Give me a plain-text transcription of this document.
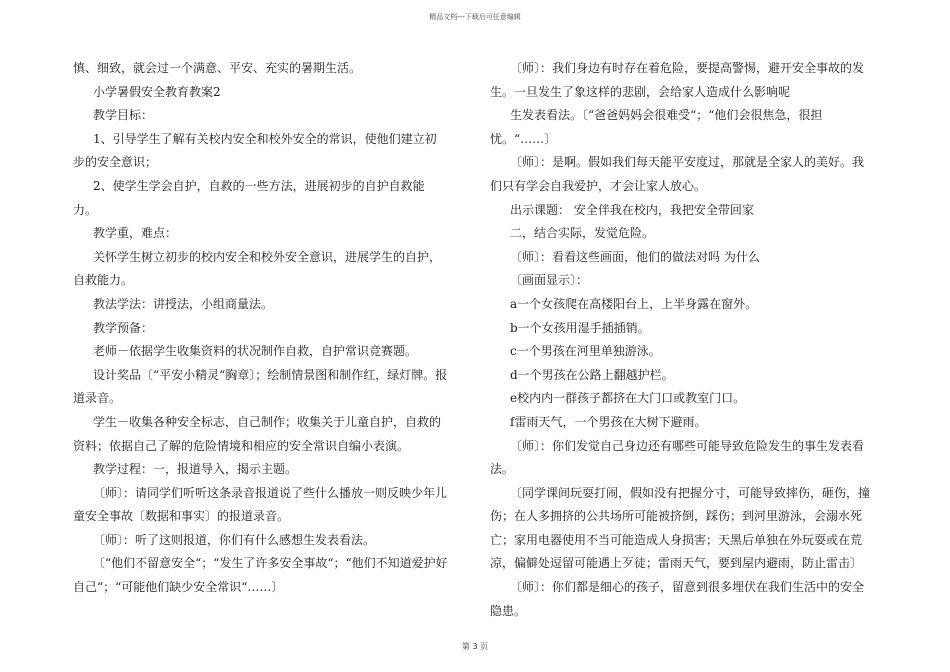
精品文档---下载后可任意编辑

慎、细致，就会过一个满意、平安、充实的暑期生活。

小学暑假安全教育教案2

教学目标：

1、引导学生了解有关校内安全和校外安全的常识，使他们建立初步的安全意识；

2、使学生学会自护，自救的一些方法，进展初步的自护自救能力。

教学重，难点：

关怀学生树立初步的校内安全和校外安全意识，进展学生的自护，自救能力。

教法学法：讲授法，小组商量法。

教学预备：

老师－依据学生收集资料的状况制作自救，自护常识竞赛题。

设计奖品〔“平安小精灵“胸章〕；绘制情景图和制作红，绿灯牌。报道录音。

学生－收集各种安全标志，自己制作；收集关于儿童自护，自救的资料；依据自己了解的危险情境和相应的安全常识自编小表演。

教学过程：一，报道导入，揭示主题。

〔师〕：请同学们听听这条录音报道说了些什么播放一则反映少年儿童安全事故〔数据和事实〕的报道录音。

〔师〕：听了这则报道，你们有什么感想生发表看法。

〔“他们不留意安全“；“发生了许多安全事故“；“他们不知道爱护好自己“；“可能他们缺少安全常识“……〕

〔师〕：我们身边有时存在着危险，要提高警惕，避开安全事故的发生。一旦发生了象这样的悲剧，会给家人造成什么影响呢

生发表看法。〔“爸爸妈妈会很难受“；“他们会很焦急，很担忧。“……〕

〔师〕：是啊。假如我们每天能平安度过，那就是全家人的美好。我们只有学会自我爱护，才会让家人放心。

出示课题： 安全伴我在校内，我把安全带回家

二，结合实际，发觉危险。

〔师〕：看看这些画面，他们的做法对吗 为什么

〔画面显示〕：

a一个女孩爬在高楼阳台上，上半身露在窗外。

b一个女孩用湿手插插销。

c一个男孩在河里单独游泳。

d一个男孩在公路上翻越护栏。

e校内内一群孩子都挤在大门口或教室门口。

f雷雨天气，一个男孩在大树下避雨。

〔师〕：你们发觉自己身边还有哪些可能导致危险发生的事生发表看法。

〔同学课间玩耍打闹，假如没有把握分寸，可能导致摔伤，砸伤，撞伤；在人多拥挤的公共场所可能被挤倒，踩伤；到河里游泳，会溺水死亡；家用电器使用不当可能造成人身损害；天黑后单独在外玩耍或在荒凉，偏僻处逗留可能遇上歹徒；雷雨天气，要到屋内避雨，防止雷击〕

〔师〕：你们都是细心的孩子，留意到很多埋伏在我们生活中的安全隐患。

第 3 页
